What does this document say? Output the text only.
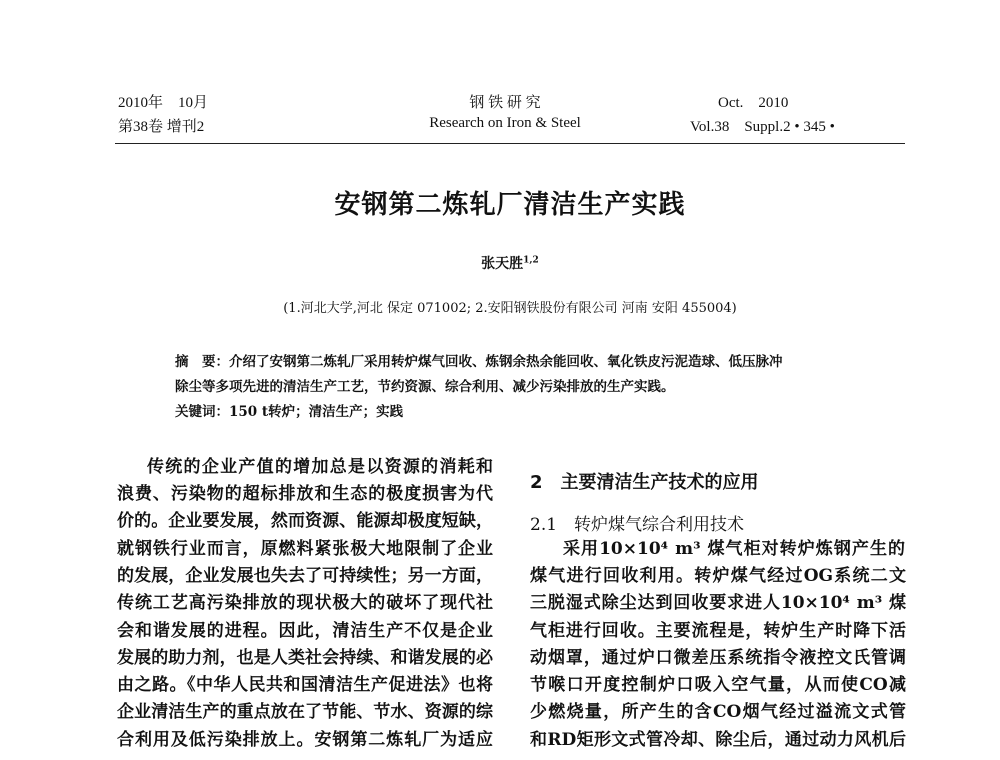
2010年　10月
第38卷 增刊2
钢 铁 研 究
Research on Iron & Steel
Oct.　2010
Vol.38　Suppl.2 • 345 •
安钢第二炼轧厂清洁生产实践
张天胜$^{1,2}$
(1.河北大学,河北 保定 071002; 2.安阳钢铁股份有限公司 河南 安阳 455004)
摘　要：介绍了安钢第二炼轧厂采用转炉煤气回收、炼钢余热余能回收、氧化铁皮污泥造球、低压脉冲
除尘等多项先进的清洁生产工艺，节约资源、综合利用、减少污染排放的生产实践。
关键词：150 t转炉；清洁生产；实践
传统的企业产值的增加总是以资源的消耗和
浪费、污染物的超标排放和生态的极度损害为代
价的。企业要发展，然而资源、能源却极度短缺，
就钢铁行业而言，原燃料紧张极大地限制了企业
的发展，企业发展也失去了可持续性；另一方面，
传统工艺高污染排放的现状极大的破坏了现代社
会和谐发展的进程。因此，清洁生产不仅是企业
发展的助力剂，也是人类社会持续、和谐发展的必
由之路。《中华人民共和国清洁生产促进法》也将
企业清洁生产的重点放在了节能、节水、资源的综
合利用及低污染排放上。安钢第二炼轧厂为适应
2　主要清洁生产技术的应用
2.1　转炉煤气综合利用技术
采用10×10⁴ m³ 煤气柜对转炉炼钢产生的
煤气进行回收利用。转炉煤气经过OG系统二文
三脱湿式除尘达到回收要求进人10×10⁴ m³ 煤
气柜进行回收。主要流程是，转炉生产时降下活
动烟罩，通过炉口微差压系统指令液控文氏管调
节喉口开度控制炉口吸入空气量，从而使CO减
少燃烧量，所产生的含CO烟气经过溢流文式管
和RD矩形文式管冷却、除尘后，通过动力风机后
